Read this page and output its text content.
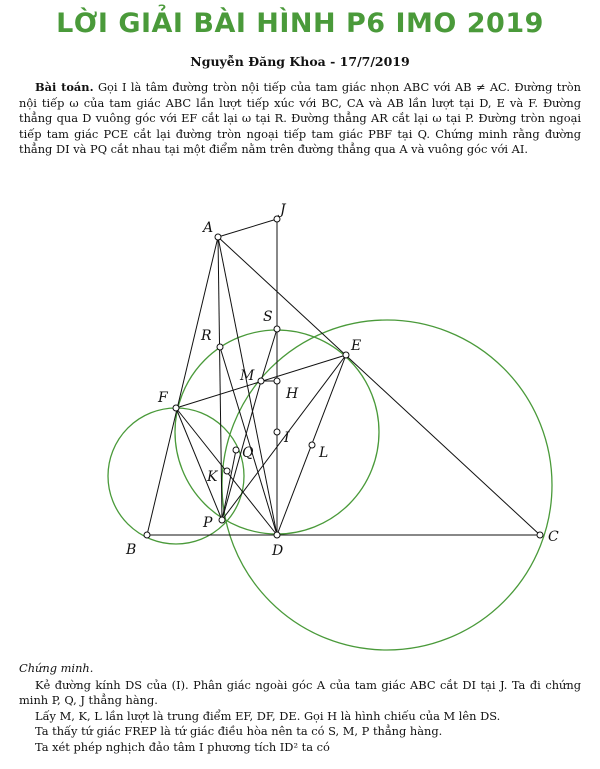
LỜI GIẢI BÀI HÌNH P6 IMO 2019
Nguyễn Đăng Khoa - 17/7/2019
Bài toán. Gọi I là tâm đường tròn nội tiếp của tam giác nhọn ABC với AB ≠ AC. Đường tròn nội tiếp ω của tam giác ABC lần lượt tiếp xúc với BC, CA và AB lần lượt tại D, E và F. Đường thẳng qua D vuông góc với EF cắt lại ω tại R. Đường thẳng AR cắt lại ω tại P. Đường tròn ngoại tiếp tam giác PCE cắt lại đường tròn ngoại tiếp tam giác PBF tại Q. Chứng minh rằng đường thẳng DI và PQ cắt nhau tại một điểm nằm trên đường thẳng qua A và vuông góc với AI.
A
J
R
S
E
M
H
F
I
L
Q
K
P
B	D
C

Chứng minh.

Kẻ đường kính DS của (I). Phân giác ngoài góc A của tam giác ABC cắt DI tại J. Ta đi chứng minh P, Q, J thẳng hàng.

Lấy M, K, L lần lượt là trung điểm EF, DF, DE. Gọi H là hình chiếu của M lên DS.

Ta thấy tứ giác FREP là tứ giác điều hòa nên ta có S, M, P thẳng hàng.

Ta xét phép nghịch đảo tâm I phương tích ID² ta có
